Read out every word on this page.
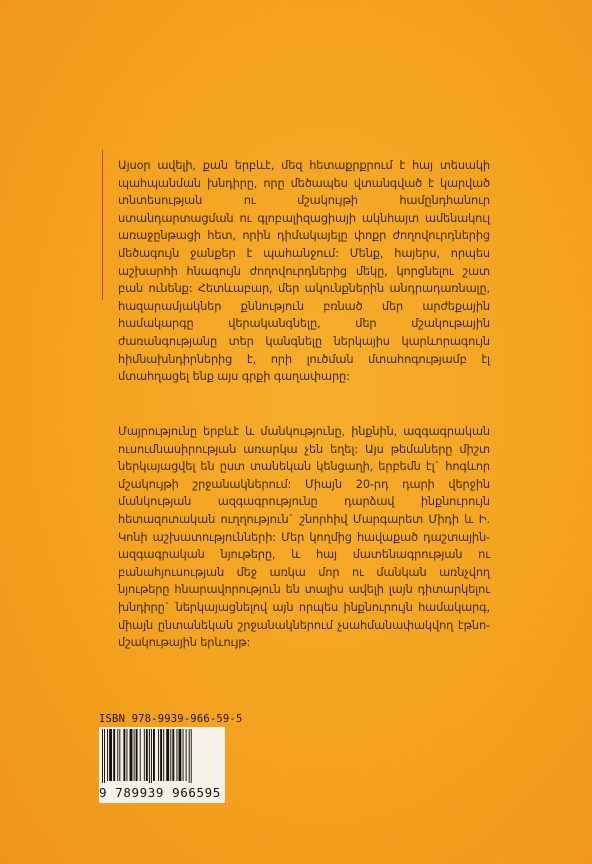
Այսօր ավելի, քան երբևէ, մեզ հետաքրքրում է հայ տեսակի պահպանման խնդիրը, որը մեծապես վտանգված է կարված տնտեսության ու մշակույթի համընդհանուր ստանդարտացման ու գլոբալիզացիայի ակնհայտ ամենակուլ առաջընթացի հետ, որին դիմակայելը փոքր ժողովուրդներից մեծագույն ջանքեր է պահանջում: Մենք, հայերս, որպես աշխարհի հնագույն ժողովուրդներից մեկը, կորցնելու շատ բան ունենք: Հետևաբար, մեր ակունքներին անդրադառնալը, հազարամյակներ քննություն բռնած մեր արժեքային համակարգը վերականգնելը, մեր մշակութային ժառանգությանը տեր կանգնելը ներկայիս կարևորագույն հիմնախնդիրներից է, որի լուծման մտահոգությամբ էլ մտահղացել ենք այս գրքի գաղափարը:

Մայրությունը երբևէ և մանկությունը, ինքնին, ազգագրական ուսումնասիրության առարկա չեն եղել: Այս թեմաները միշտ ներկայացվել են ըստ տանեկան կենցաղի, երբեմն էլ` հոգևոր մշակույթի շրջանակներում: Միայն 20-րդ դարի վերջին մանկության ազգագրությունը դարձավ ինքնուրույն հետազոտական ուղղություն` շնորհիվ Մարգարետ Միդի և Ի. Կոնի աշխատությունների: Մեր կողմից հավաքած դաշտային-ազգագրական նյութերը, և հայ մատենագրության ու բանահյուսության մեջ առկա մոր ու մանկան առնչվող նյութերը հնարավորություն են տալիս ավելի լայն դիտարկելու խնդիրը` ներկայացնելով այն որպես ինքնուրույն համակարգ, միայն ընտանեկան շրջանակներում չսահմանափակվող էթնո-մշակութային երևույթ:

ISBN 978-9939-966-59-5
9 789939 966595
